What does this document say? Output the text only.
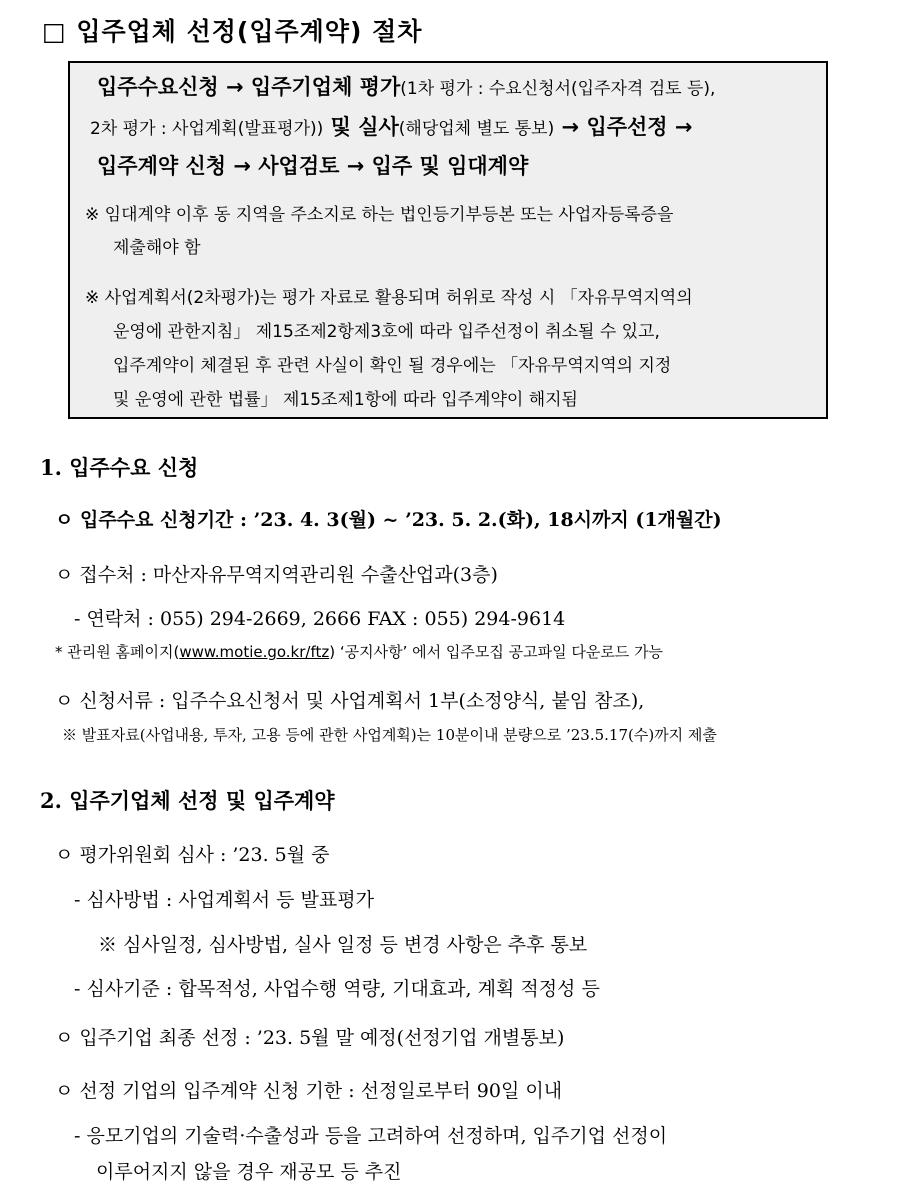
□ 입주업체 선정(입주계약) 절차
입주수요신청 → 입주기업체 평가(1차 평가 : 수요신청서(입주자격 검토 등),
2차 평가 : 사업계획(발표평가)) 및 실사(해당업체 별도 통보) → 입주선정 →
입주계약 신청 → 사업검토 → 입주 및 임대계약
※ 임대계약 이후 동 지역을 주소지로 하는 법인등기부등본 또는 사업자등록증을
제출해야 함
※ 사업계획서(2차평가)는 평가 자료로 활용되며 허위로 작성 시 「자유무역지역의
운영에 관한지침」 제15조제2항제3호에 따라 입주선정이 취소될 수 있고,
입주계약이 체결된 후 관련 사실이 확인 될 경우에는 「자유무역지역의 지정
및 운영에 관한 법률」 제15조제1항에 따라 입주계약이 해지됨
1. 입주수요 신청
ㅇ 입주수요 신청기간 : ’23. 4. 3(월) ~ ’23. 5. 2.(화), 18시까지 (1개월간)
ㅇ 접수처 : 마산자유무역지역관리원 수출산업과(3층)
- 연락처 : 055) 294-2669, 2666 FAX : 055) 294-9614
* 관리원 홈페이지(www.motie.go.kr/ftz) ‘공지사항’ 에서 입주모집 공고파일 다운로드 가능
ㅇ 신청서류 : 입주수요신청서 및 사업계획서 1부(소정양식, 붙임 참조),
※ 발표자료(사업내용, 투자, 고용 등에 관한 사업계획)는 10분이내 분량으로 ’23.5.17(수)까지 제출
2. 입주기업체 선정 및 입주계약
ㅇ 평가위원회 심사 : ’23. 5월 중
- 심사방법 : 사업계획서 등 발표평가
※ 심사일정, 심사방법, 실사 일정 등 변경 사항은 추후 통보
- 심사기준 : 합목적성, 사업수행 역량, 기대효과, 계획 적정성 등
ㅇ 입주기업 최종 선정 : ’23. 5월 말 예정(선정기업 개별통보)
ㅇ 선정 기업의 입주계약 신청 기한 : 선정일로부터 90일 이내
- 응모기업의 기술력·수출성과 등을 고려하여 선정하며, 입주기업 선정이
이루어지지 않을 경우 재공모 등 추진
